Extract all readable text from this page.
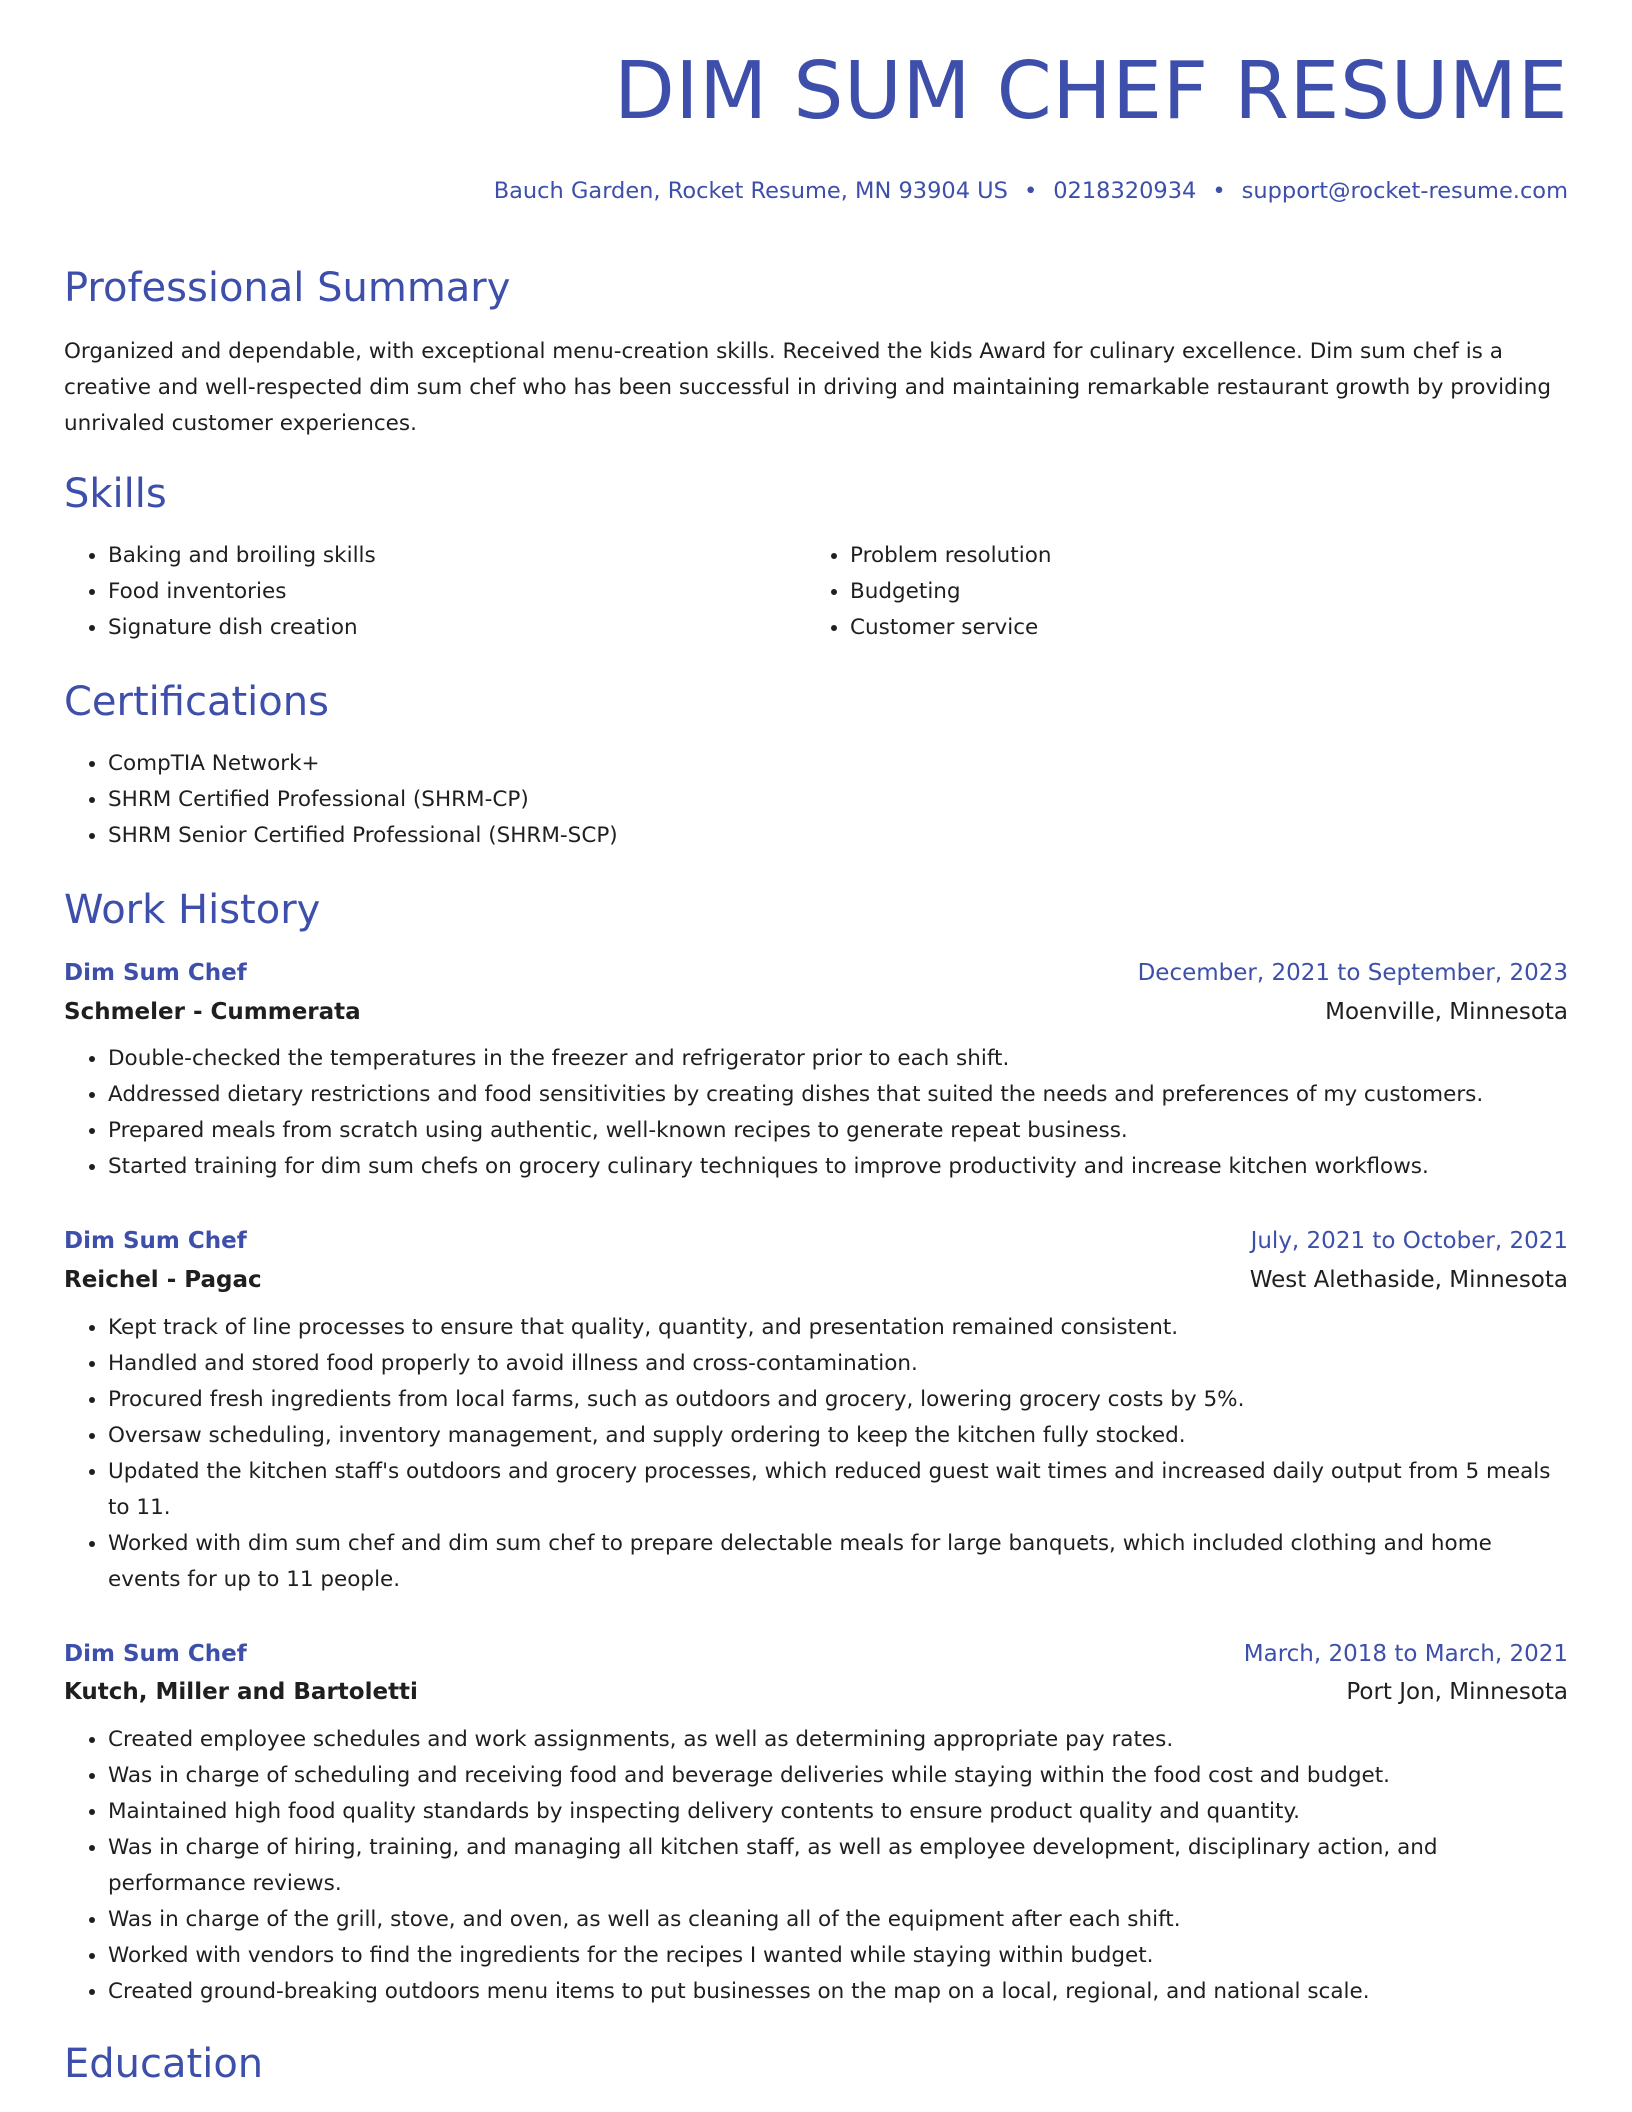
DIM SUM CHEF RESUME
Bauch Garden, Rocket Resume, MN 93904 US • 0218320934 • support@rocket-resume.com
Professional Summary

Organized and dependable, with exceptional menu-creation skills. Received the kids Award for culinary excellence. Dim sum chef is a creative and well-respected dim sum chef who has been successful in driving and maintaining remarkable restaurant growth by providing unrivaled customer experiences.

Skills
• Baking and broiling skills
• Food inventories
• Signature dish creation
• Problem resolution
• Budgeting
• Customer service
Certifications
• CompTIA Network+
• SHRM Certified Professional (SHRM-CP)
• SHRM Senior Certified Professional (SHRM-SCP)
Work History
Dim Sum Chef	December, 2021 to September, 2023
Schmeler - Cummerata	Moenville, Minnesota
• Double-checked the temperatures in the freezer and refrigerator prior to each shift.
• Addressed dietary restrictions and food sensitivities by creating dishes that suited the needs and preferences of my customers.
• Prepared meals from scratch using authentic, well-known recipes to generate repeat business.
• Started training for dim sum chefs on grocery culinary techniques to improve productivity and increase kitchen workflows.
Dim Sum Chef	July, 2021 to October, 2021
Reichel - Pagac	West Alethaside, Minnesota
• Kept track of line processes to ensure that quality, quantity, and presentation remained consistent.
• Handled and stored food properly to avoid illness and cross-contamination.
• Procured fresh ingredients from local farms, such as outdoors and grocery, lowering grocery costs by 5%.
• Oversaw scheduling, inventory management, and supply ordering to keep the kitchen fully stocked.
• Updated the kitchen staff's outdoors and grocery processes, which reduced guest wait times and increased daily output from 5 meals to 11.
• Worked with dim sum chef and dim sum chef to prepare delectable meals for large banquets, which included clothing and home events for up to 11 people.
Dim Sum Chef	March, 2018 to March, 2021
Kutch, Miller and Bartoletti	Port Jon, Minnesota
• Created employee schedules and work assignments, as well as determining appropriate pay rates.
• Was in charge of scheduling and receiving food and beverage deliveries while staying within the food cost and budget.
• Maintained high food quality standards by inspecting delivery contents to ensure product quality and quantity.
• Was in charge of hiring, training, and managing all kitchen staff, as well as employee development, disciplinary action, and performance reviews.
• Was in charge of the grill, stove, and oven, as well as cleaning all of the equipment after each shift.
• Worked with vendors to find the ingredients for the recipes I wanted while staying within budget.
• Created ground-breaking outdoors menu items to put businesses on the map on a local, regional, and national scale.
Education
